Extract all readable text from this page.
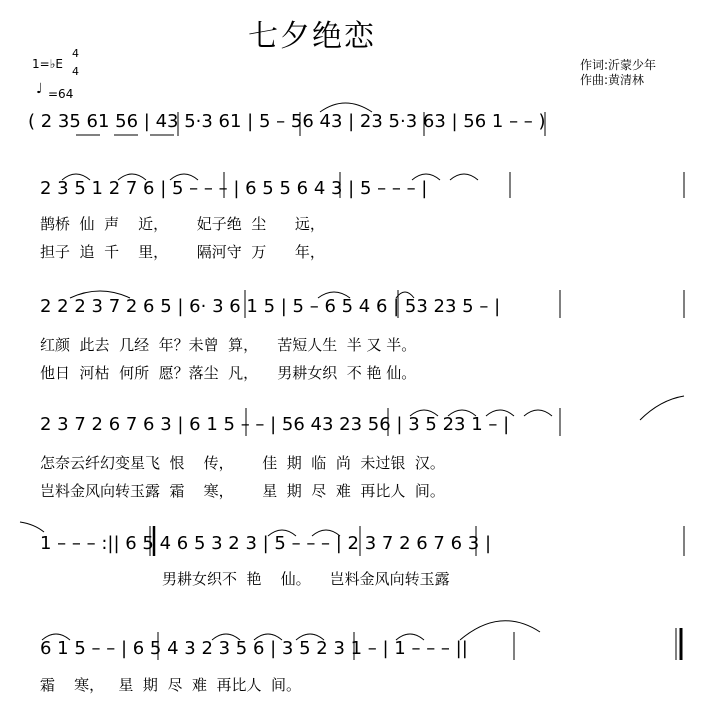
七夕绝恋
作词:沂蒙少年
作曲:黄清林
1=♭E
4
4
♩ =64
( 2 35 61 56 | 43 5·3 61 | 5 – 56 43 | 23 5·3 63 | 56 1 – – )
2 3 5 1 2 7 6 | 5 – – – | 6 5 5 6 4 3 | 5 – – – |
鹊桥  仙  声    近，      妃子绝  尘      远，
担子  追  千    里，      隔河守  万      年，
2 2 2 3 7 2 6 5 | 6· 3 6 1 5 | 5 – 6 5 4 6 | 53 23 5 – |
红颜  此去  几经  年？未曾  算，    苦短人生  半 又 半。
他日  河枯  何所  愿？落尘  凡，    男耕女织  不 艳 仙。
2 3 7 2 6 7 6 3 | 6 1 5 – – | 56 43 23 56 | 3 5 23 1 – |
怎奈云纤幻变星飞  恨    传，      佳  期  临  尚  未过银  汉。
岂料金风向转玉露  霜    寒，      星  期  尽  难  再比人  间。
1 – – – :|| 6 5 4 6 5 3 2 3 | 5 – – – | 2 3 7 2 6 7 6 3 |
男耕女织不  艳    仙。    岂料金风向转玉露
6 1 5 – – | 6 5 4 3 2 3 5 6 | 3 5 2 3 1 – | 1 – – – ||
霜    寒，   星  期  尽  难  再比人  间。
